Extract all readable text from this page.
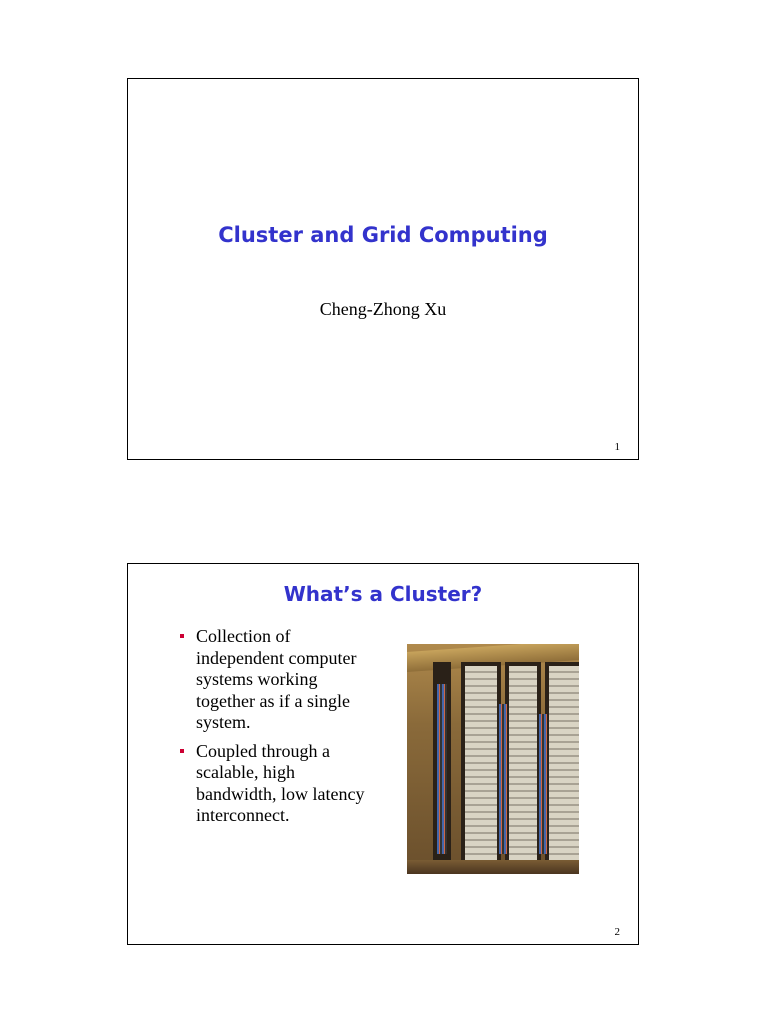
Cluster and Grid Computing
Cheng-Zhong Xu
1
What’s a Cluster?
Collection of independent computer systems working together as if a single system.
Coupled through a scalable, high bandwidth, low latency interconnect.
2
